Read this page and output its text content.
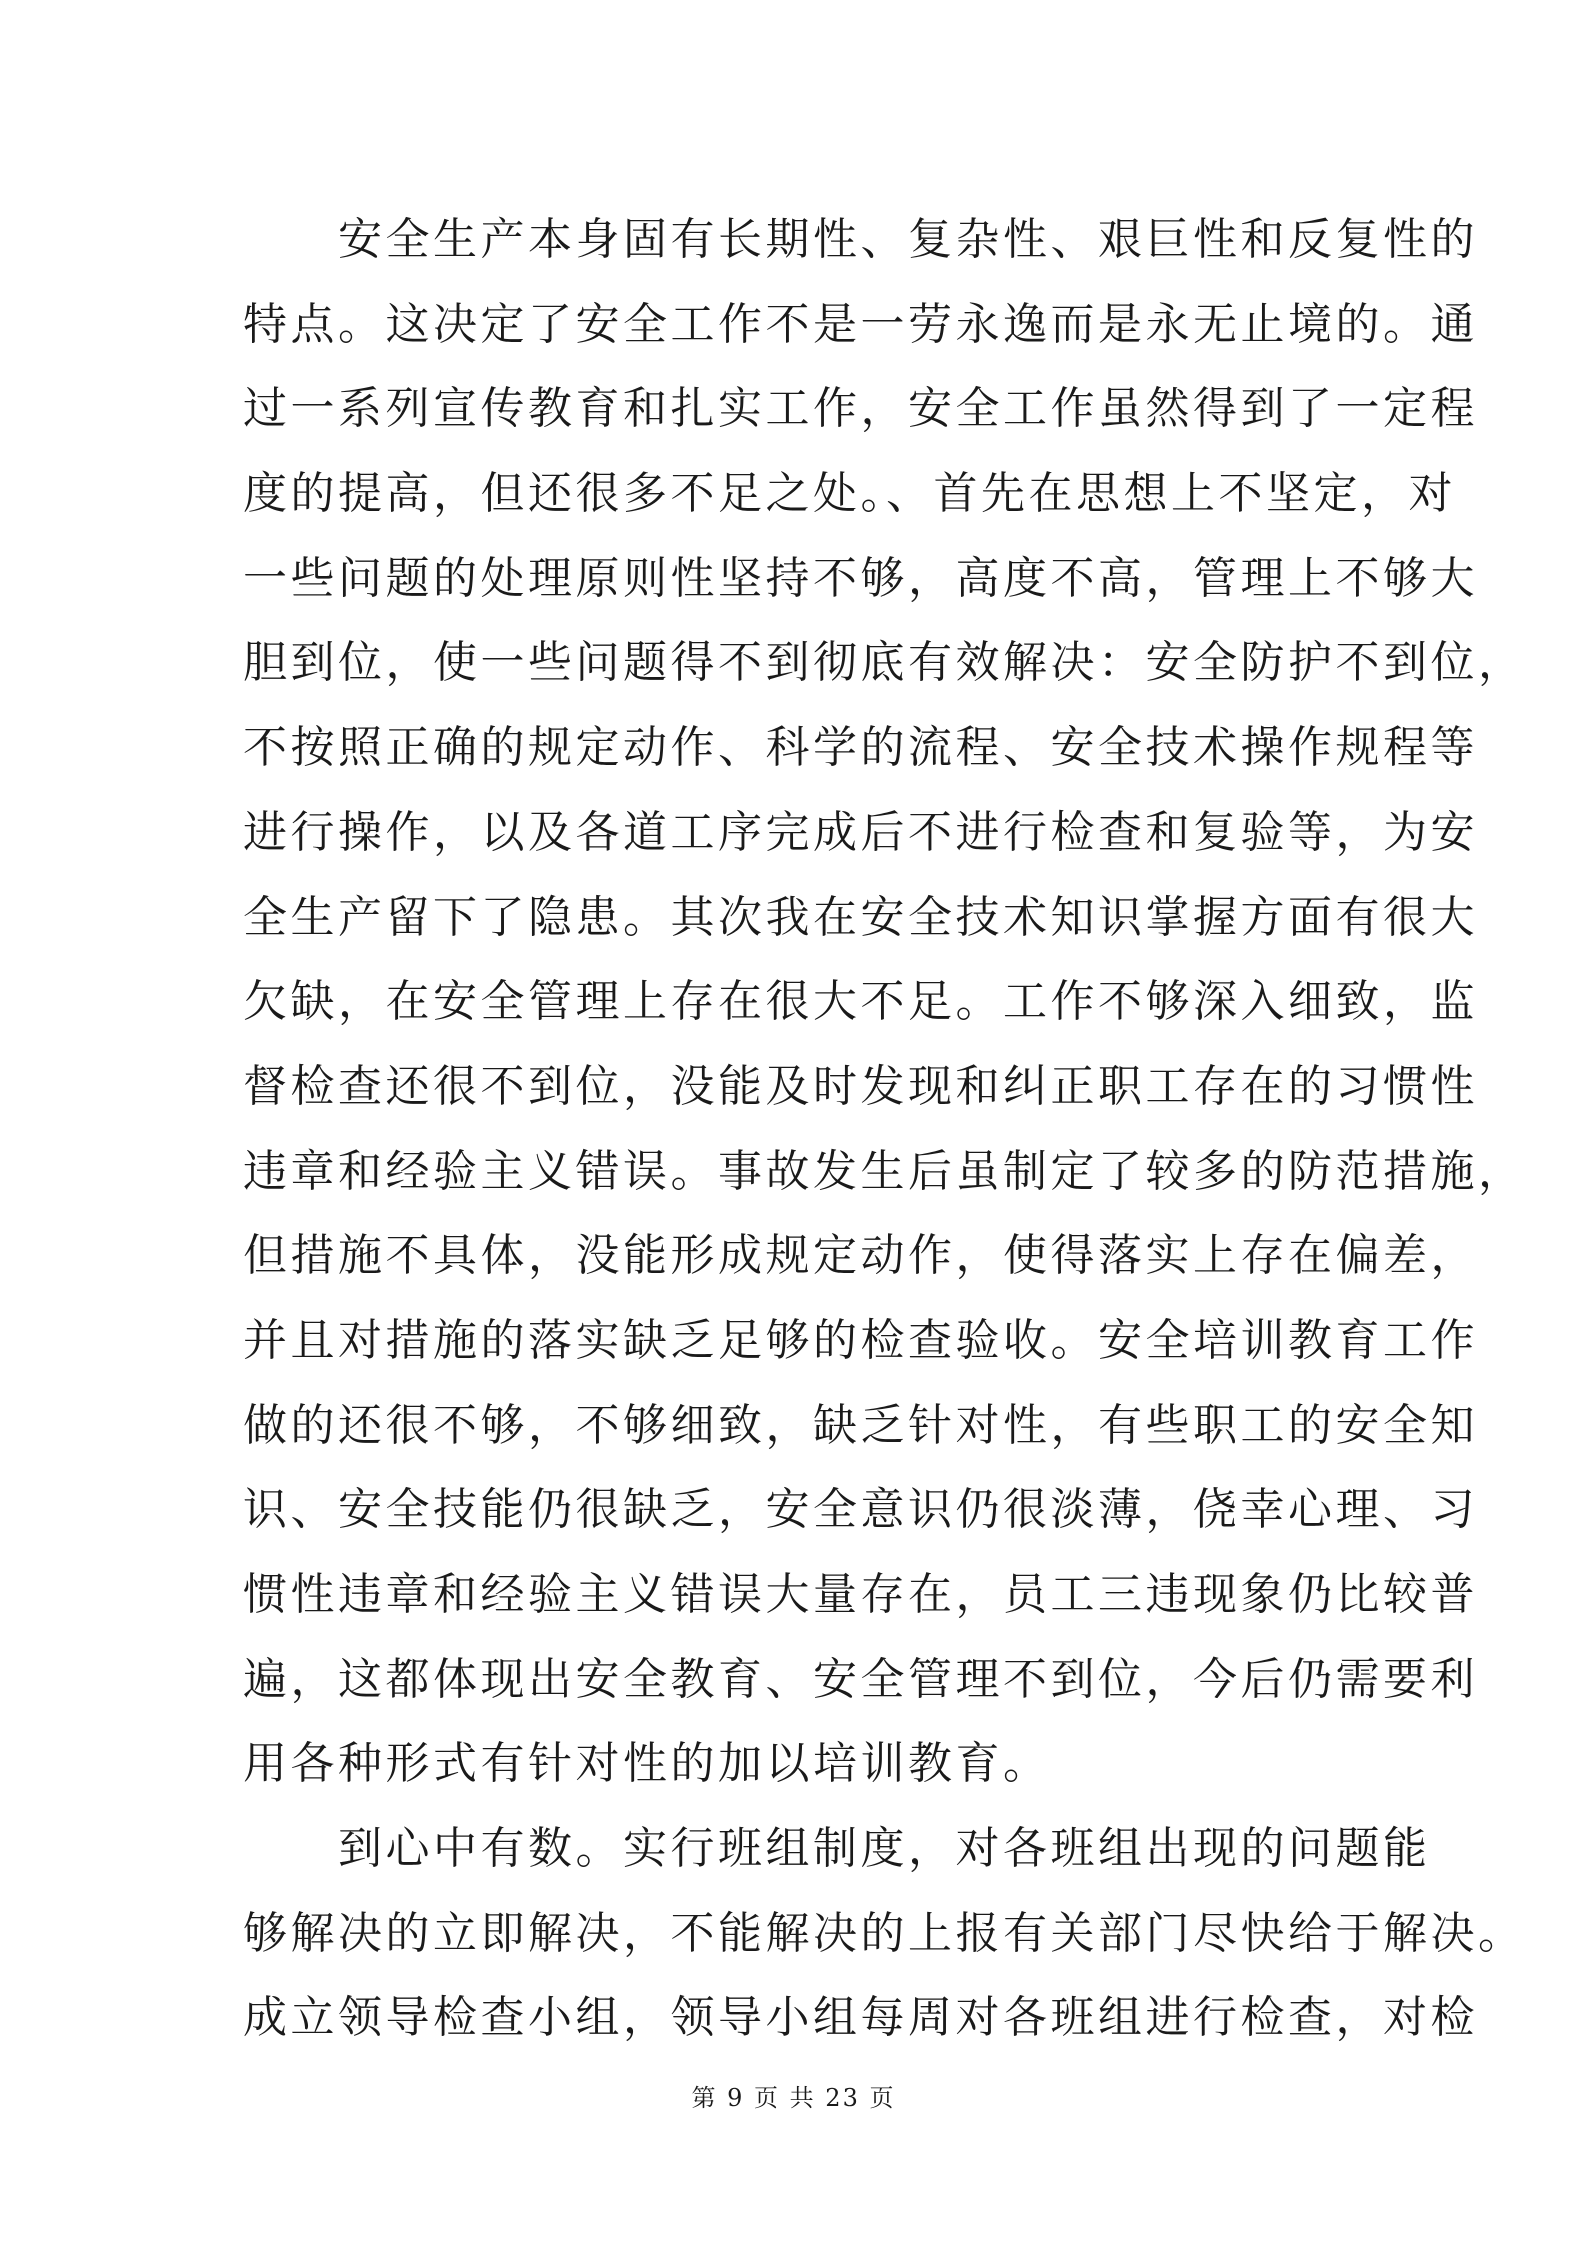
　　安全生产本身固有长期性、复杂性、艰巨性和反复性的
特点。这决定了安全工作不是一劳永逸而是永无止境的。通
过一系列宣传教育和扎实工作，安全工作虽然得到了一定程
度的提高，但还很多不足之处。、首先在思想上不坚定，对
一些问题的处理原则性坚持不够，高度不高，管理上不够大
胆到位，使一些问题得不到彻底有效解决：安全防护不到位，
不按照正确的规定动作、科学的流程、安全技术操作规程等
进行操作，以及各道工序完成后不进行检查和复验等，为安
全生产留下了隐患。其次我在安全技术知识掌握方面有很大
欠缺，在安全管理上存在很大不足。工作不够深入细致，监
督检查还很不到位，没能及时发现和纠正职工存在的习惯性
违章和经验主义错误。事故发生后虽制定了较多的防范措施，
但措施不具体，没能形成规定动作，使得落实上存在偏差，
并且对措施的落实缺乏足够的检查验收。安全培训教育工作
做的还很不够，不够细致，缺乏针对性，有些职工的安全知
识、安全技能仍很缺乏，安全意识仍很淡薄，侥幸心理、习
惯性违章和经验主义错误大量存在，员工三违现象仍比较普
遍，这都体现出安全教育、安全管理不到位，今后仍需要利
用各种形式有针对性的加以培训教育。
　　到心中有数。实行班组制度，对各班组出现的问题能
够解决的立即解决，不能解决的上报有关部门尽快给于解决。
成立领导检查小组，领导小组每周对各班组进行检查，对检
第 9 页 共 23 页
